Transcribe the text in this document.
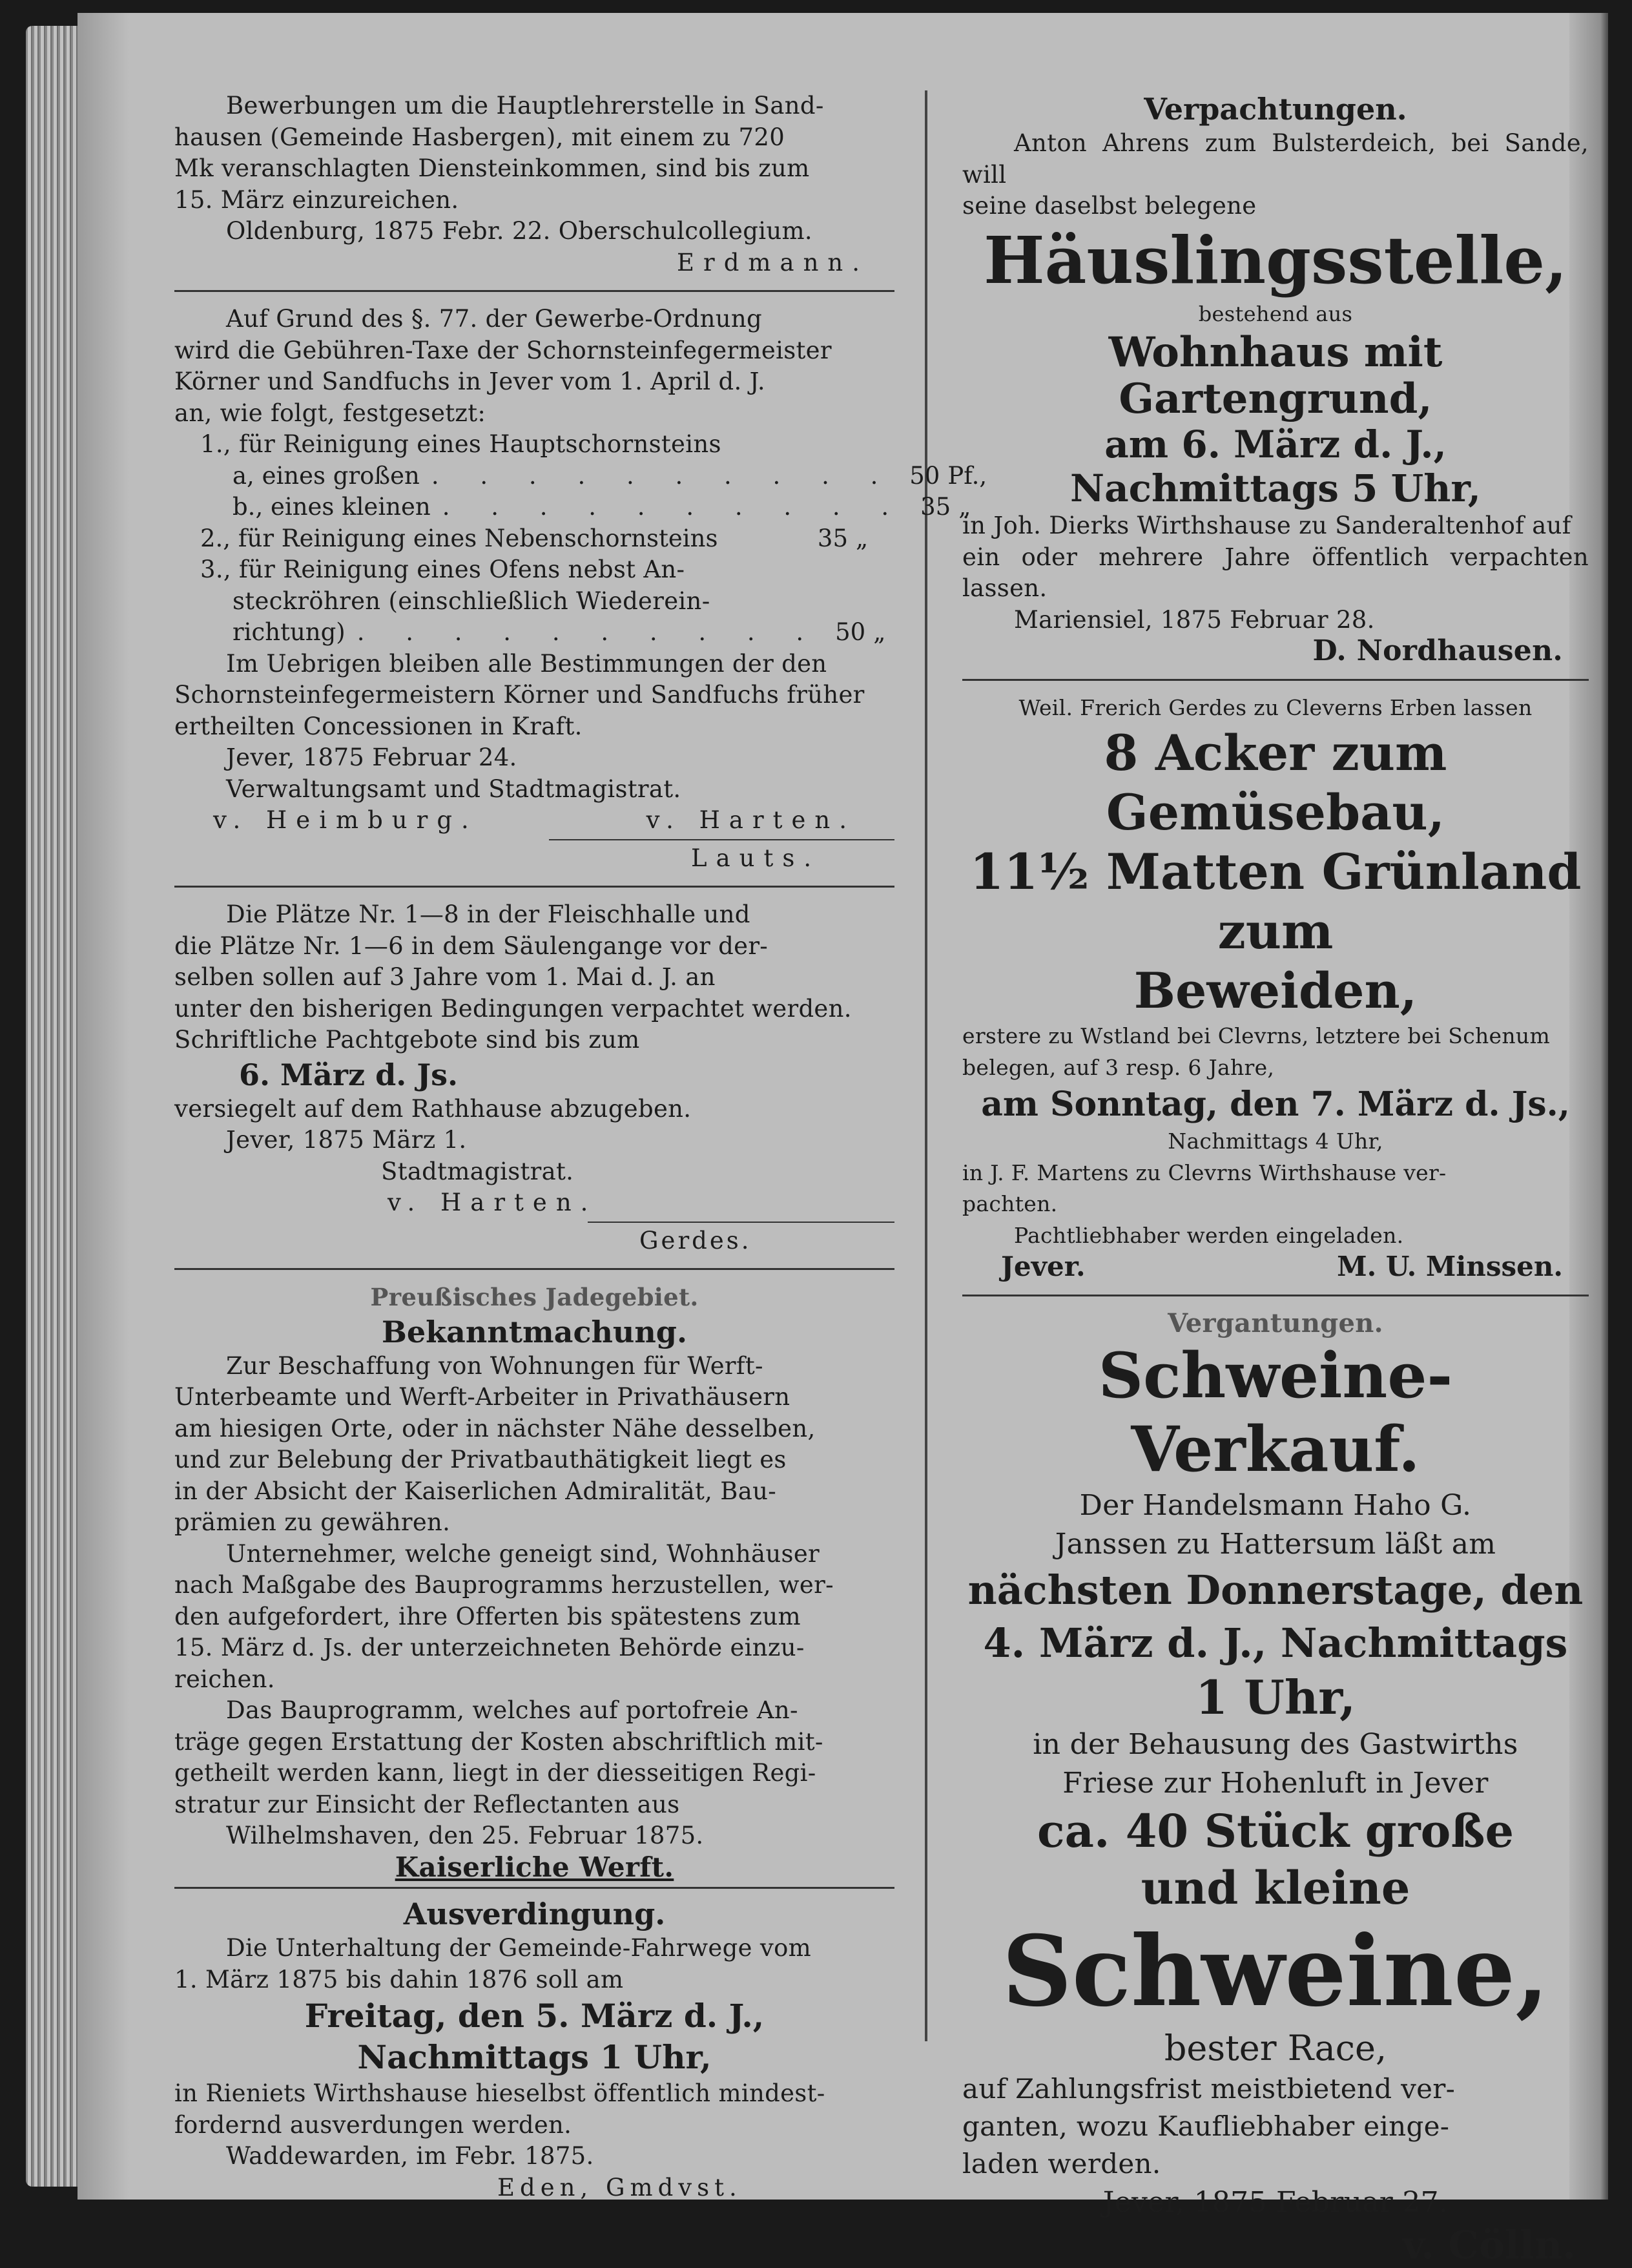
Bewerbungen um die Hauptlehrerstelle in Sand-

hausen (Gemeinde Hasbergen), mit einem zu 720

Mk veranschlagten Diensteinkommen, sind bis zum

15. März einzureichen.

Oldenburg, 1875 Febr. 22. Oberschulcollegium.

Erdmann.

Auf Grund des §. 77. der Gewerbe-Ordnung

wird die Gebühren-Taxe der Schornsteinfegermeister

Körner und Sandfuchs in Jever vom 1. April d. J.

an, wie folgt, festgesetzt:

1., für Reinigung eines Hauptschornsteins

a, eines großen . . . . . . . . . . 50 Pf.,
b., eines kleinen . . . . . . . . . . 35 „
2., für Reinigung eines Nebenschornsteins	35 „

3., für Reinigung eines Ofens nebst An-

steckröhren (einschließlich Wiederein-

richtung) . . . . . . . . . . 50 „

Im Uebrigen bleiben alle Bestimmungen der den

Schornsteinfegermeistern Körner und Sandfuchs früher

ertheilten Concessionen in Kraft.

Jever, 1875 Februar 24.

Verwaltungsamt und Stadtmagistrat.

v. Heimburg.	v. Harten.

Lauts.

Die Plätze Nr. 1—8 in der Fleischhalle und

die Plätze Nr. 1—6 in dem Säulengange vor der-

selben sollen auf 3 Jahre vom 1. Mai d. J. an

unter den bisherigen Bedingungen verpachtet werden.

Schriftliche Pachtgebote sind bis zum

6. März d. Js.

versiegelt auf dem Rathhause abzugeben.

Jever, 1875 März 1.

Stadtmagistrat.

v. Harten.

Gerdes.

Preußisches Jadegebiet.

Bekanntmachung.

Zur Beschaffung von Wohnungen für Werft-

Unterbeamte und Werft-Arbeiter in Privathäusern

am hiesigen Orte, oder in nächster Nähe desselben,

und zur Belebung der Privatbauthätigkeit liegt es

in der Absicht der Kaiserlichen Admiralität, Bau-

prämien zu gewähren.

Unternehmer, welche geneigt sind, Wohnhäuser

nach Maßgabe des Bauprogramms herzustellen, wer-

den aufgefordert, ihre Offerten bis spätestens zum

15. März d. Js. der unterzeichneten Behörde einzu-

reichen.

Das Bauprogramm, welches auf portofreie An-

träge gegen Erstattung der Kosten abschriftlich mit-

getheilt werden kann, liegt in der diesseitigen Regi-

stratur zur Einsicht der Reflectanten aus

Wilhelmshaven, den 25. Februar 1875.

Kaiserliche Werft.

Ausverdingung.

Die Unterhaltung der Gemeinde-Fahrwege vom

1. März 1875 bis dahin 1876 soll am

Freitag, den 5. März d. J.,

Nachmittags 1 Uhr,

in Rieniets Wirthshause hieselbst öffentlich mindest-

fordernd ausverdungen werden.

Waddewarden, im Febr. 1875.

Eden, Gmdvst.

Verpachtungen.

Anton Ahrens zum Bulsterdeich, bei Sande, will

seine daselbst belegene

Häuslingsstelle,

bestehend aus

Wohnhaus mit Gartengrund,

am 6. März d. J.,

Nachmittags 5 Uhr,

in Joh. Dierks Wirthshause zu Sanderaltenhof auf

ein oder mehrere Jahre öffentlich verpachten lassen.

Mariensiel, 1875 Februar 28.

D. Nordhausen.

Weil. Frerich Gerdes zu Cleverns Erben lassen

8 Acker zum Gemüsebau,

11½ Matten Grünland zum

Beweiden,

erstere zu Wstland bei Clevrns, letztere bei Schenum

belegen, auf 3 resp. 6 Jahre,

am Sonntag, den 7. März d. Js.,

Nachmittags 4 Uhr,

in J. F. Martens zu Clevrns Wirthshause ver-

pachten.

Pachtliebhaber werden eingeladen.

Jever.	M. U. Minssen.

Vergantungen.

Schweine-Verkauf.

Der Handelsmann Haho G.

Janssen zu Hattersum läßt am

nächsten Donnerstage, den

4. März d. J., Nachmittags

1 Uhr,

in der Behausung des Gastwirths

Friese zur Hohenluft in Jever

ca. 40 Stück große

und kleine

Schweine,

bester Race,

auf Zahlungsfrist meistbietend ver-

ganten, wozu Kaufliebhaber einge-

laden werden.

Jever, 1875 Februar 27.

v. Cölln.
